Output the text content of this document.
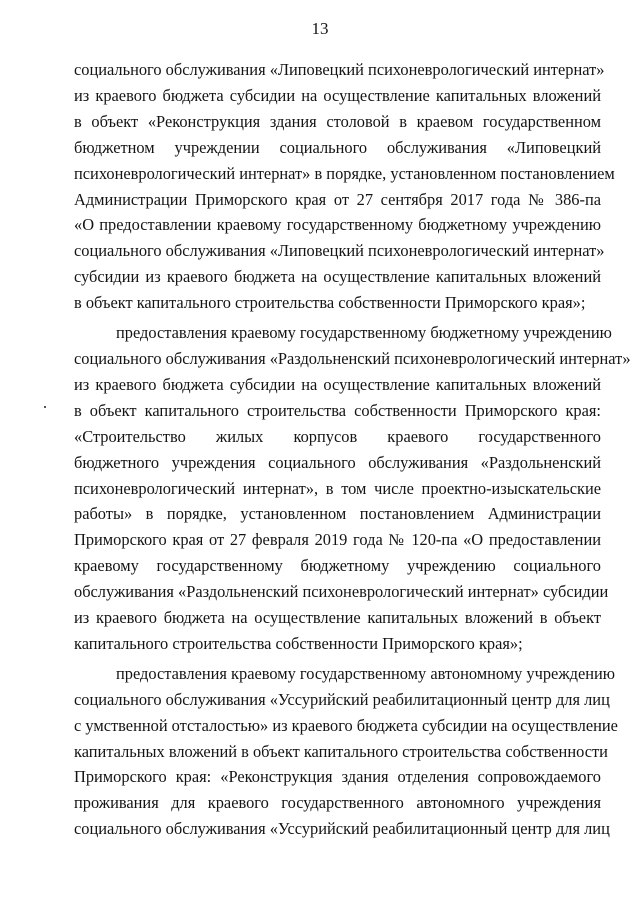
13

социального обслуживания «Липовецкий психоневрологический интернат»
из краевого бюджета субсидии на осуществление капитальных вложений
в объект «Реконструкция здания столовой в краевом государственном
бюджетном учреждении социального обслуживания «Липовецкий
психоневрологический интернат» в порядке, установленном постановлением
Администрации Приморского края от 27 сентября 2017 года № 386-па
«О предоставлении краевому государственному бюджетному учреждению
социального обслуживания «Липовецкий психоневрологический интернат»
субсидии из краевого бюджета на осуществление капитальных вложений
в объект капитального строительства собственности Приморского края»;

предоставления краевому государственному бюджетному учреждению
социального обслуживания «Раздольненский психоневрологический интернат»
из краевого бюджета субсидии на осуществление капитальных вложений
в объект капитального строительства собственности Приморского края:
«Строительство жилых корпусов краевого государственного
бюджетного учреждения социального обслуживания «Раздольненский
психоневрологический интернат», в том числе проектно-изыскательские
работы» в порядке, установленном постановлением Администрации
Приморского края от 27 февраля 2019 года № 120-па «О предоставлении
краевому государственному бюджетному учреждению социального
обслуживания «Раздольненский психоневрологический интернат» субсидии
из краевого бюджета на осуществление капитальных вложений в объект
капитального строительства собственности Приморского края»;

предоставления краевому государственному автономному учреждению
социального обслуживания «Уссурийский реабилитационный центр для лиц
с умственной отсталостью» из краевого бюджета субсидии на осуществление
капитальных вложений в объект капитального строительства собственности
Приморского края: «Реконструкция здания отделения сопровождаемого
проживания для краевого государственного автономного учреждения
социального обслуживания «Уссурийский реабилитационный центр для лиц
